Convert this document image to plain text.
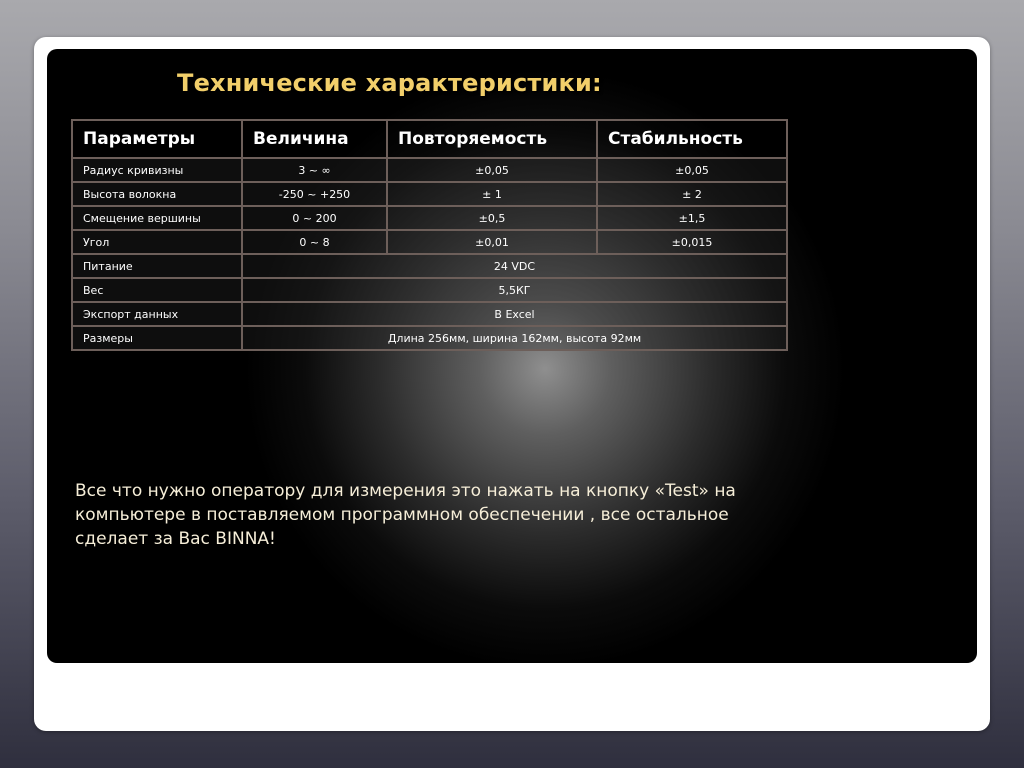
Технические характеристики:
Параметры	Величина	Повторяемость	Стабильность
Радиус кривизны	3 ~ ∞	±0,05	±0,05
Высота волокна	-250 ~ +250	± 1	± 2
Смещение вершины	0 ~ 200	±0,5	±1,5
Угол	0 ~ 8	±0,01	±0,015
Питание	24 VDC		
Вес	5,5КГ		
Экспорт данных	В Excel		
Размеры	Длина 256мм, ширина 162мм, высота 92мм		

Все что нужно оператору для измерения это нажать на кнопку «Test» на компьютере в поставляемом программном обеспечении , все остальное сделает за Вас BINNA!
